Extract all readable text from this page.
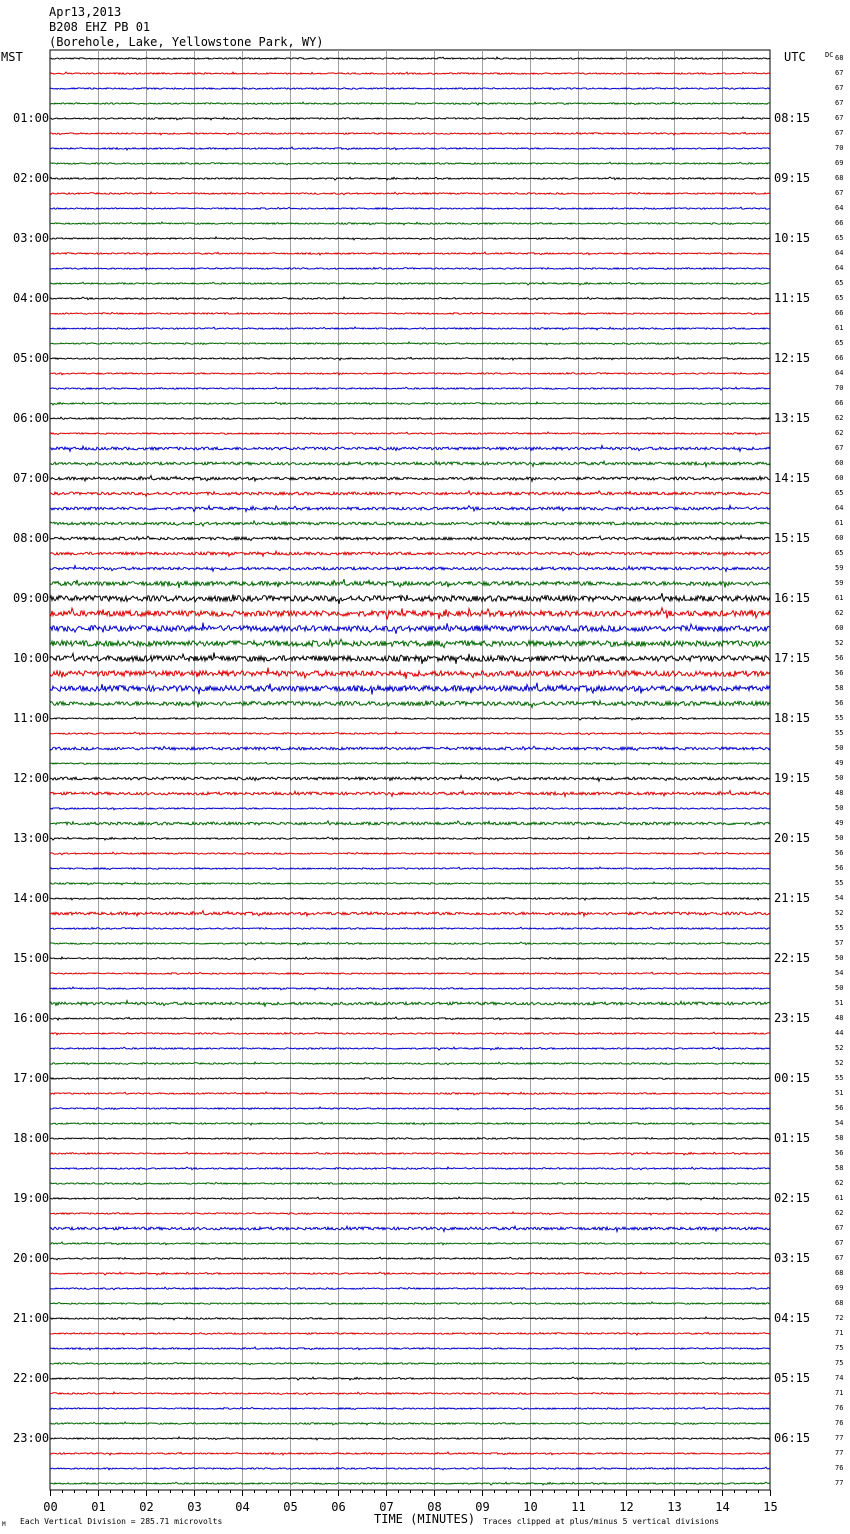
Apr13,2013
B208 EHZ PB 01
(Borehole, Lake, Yellowstone Park, WY)
MST	UTC	DC
01:00
02:00
03:00
04:00
05:00
06:00
07:00
08:00
09:00
10:00
11:00
12:00
13:00
14:00
15:00
16:00
17:00
18:00
19:00
20:00
21:00
22:00
23:00
08:15
09:15
10:15
11:15
12:15
13:15
14:15
15:15
16:15
17:15
18:15
19:15
20:15
21:15
22:15
23:15
00:15
01:15
02:15
03:15
04:15
05:15
06:15
68
67
67
67
67
67
70
69
68
67
64
66
65
64
64
65
65
66
61
65
66
64
70
66
62
62
67
60
60
65
64
61
60
65
59
59
61
62
60
52
56
56
58
56
55
55
50
49
50
48
50
49
50
56
56
55
54
52
55
57
50
54
50
51
48
44
52
52
55
51
56
54
58
56
58
62
61
62
67
67
67
68
69
68
72
71
75
75
74
71
76
76
77
77
76
77
00	01	02	03	04	05	06	07	08	09	10	11	12	13	14	15
TIME (MINUTES)
Each Vertical Division = 285.71 microvolts	Traces clipped at plus/minus 5 vertical divisions
M
